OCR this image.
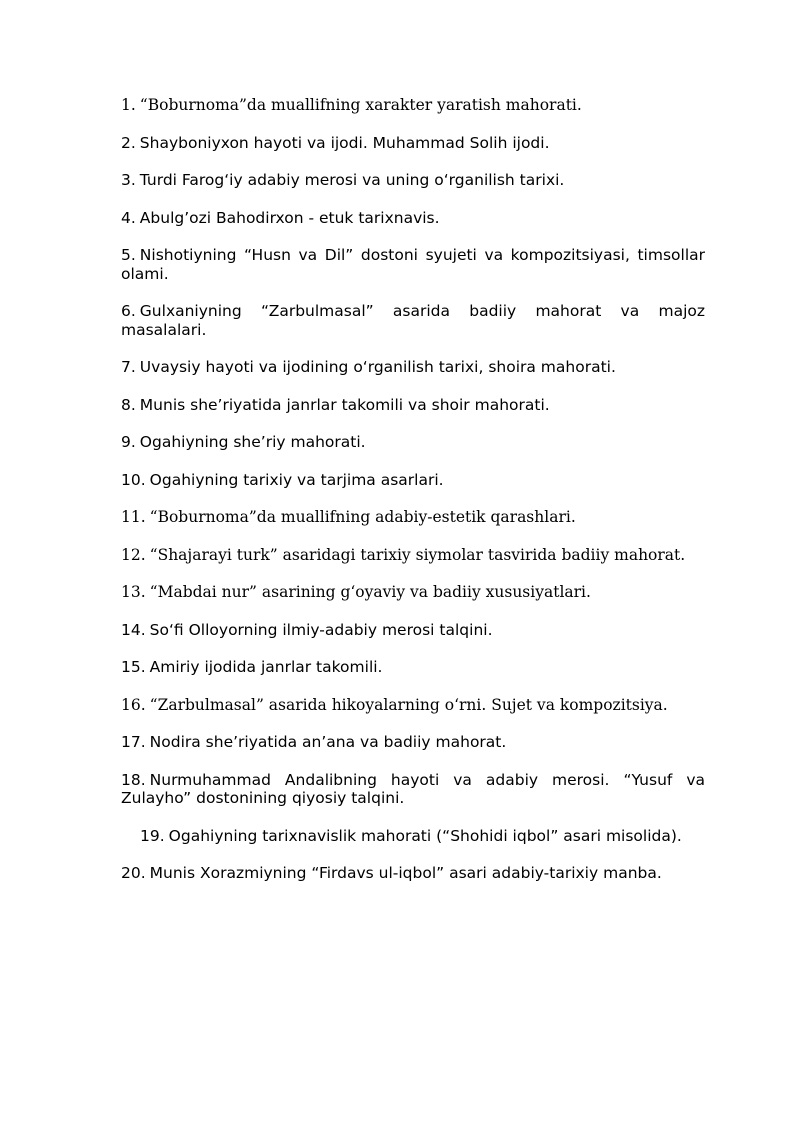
1. “Boburnoma”da muallifning xarakter yaratish mahorati.
2. Shayboniyxon hayoti va ijodi. Muhammad Solih ijodi.
3. Turdi Farog‘iy adabiy merosi va uning o‘rganilish tarixi.
4. Abulg’ozi Bahodirxon - etuk tarixnavis.
5. Nishotiyning “Husn va Dil” dostoni syujeti va kompozitsiyasi, timsollar olami.
6. Gulxaniyning “Zarbulmasal” asarida badiiy mahorat va majoz masalalari.
7. Uvaysiy hayoti va ijodining o‘rganilish tarixi, shoira mahorati.
8. Munis she’riyatida janrlar takomili va shoir mahorati.
9. Ogahiyning she’riy mahorati.
10. Ogahiyning tarixiy va tarjima asarlari.
11. “Boburnoma”da muallifning adabiy-estetik qarashlari.
12. “Shajarayi turk” asaridagi tarixiy siymolar tasvirida badiiy mahorat.
13. “Mabdai nur” asarining g‘oyaviy va badiiy xususiyatlari.
14. So‘fi Olloyorning ilmiy-adabiy merosi talqini.
15. Amiriy ijodida janrlar takomili.
16. “Zarbulmasal” asarida hikoyalarning o‘rni. Sujet va kompozitsiya.
17. Nodira she’riyatida an’ana va badiiy mahorat.
18. Nurmuhammad Andalibning hayoti va adabiy merosi. “Yusuf va Zulayho” dostonining qiyosiy talqini.
19. Ogahiyning tarixnavislik mahorati (“Shohidi iqbol” asari misolida).
20. Munis Xorazmiyning “Firdavs ul-iqbol” asari adabiy-tarixiy manba.
